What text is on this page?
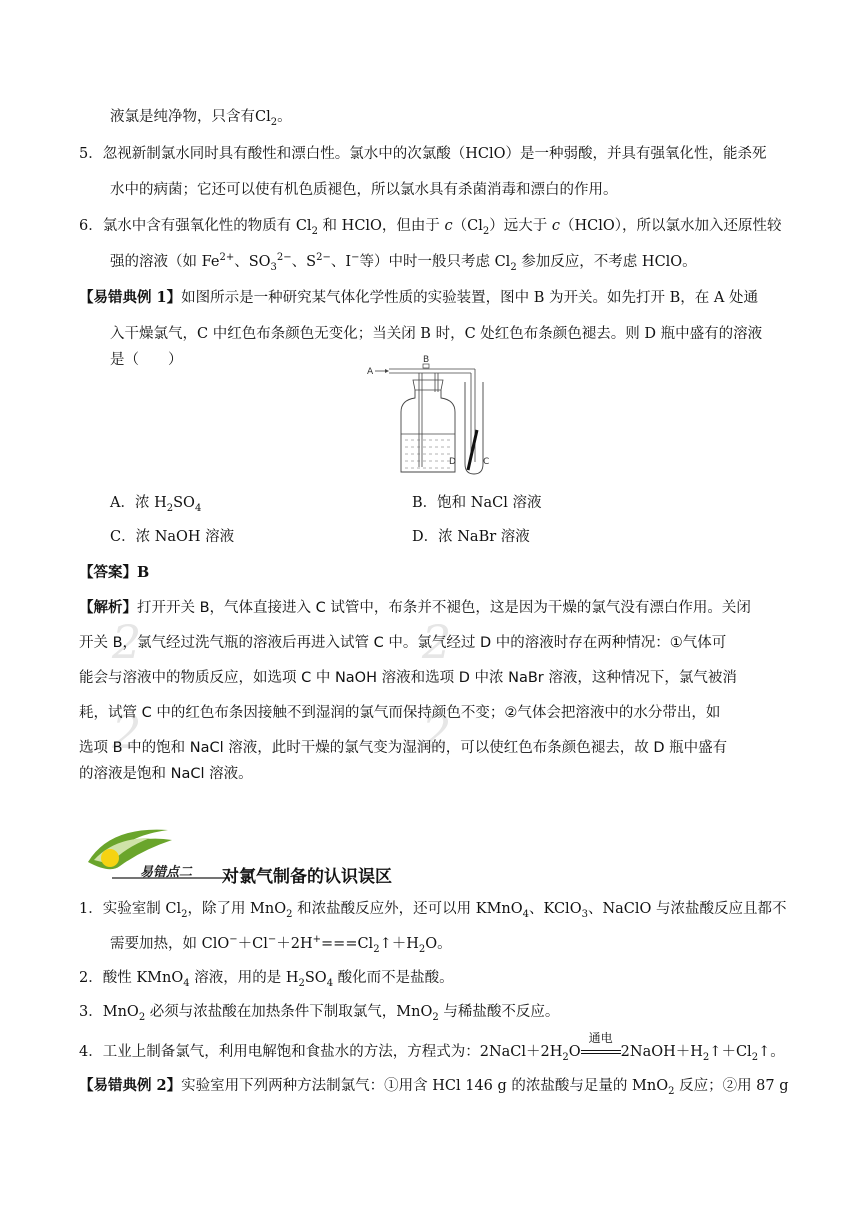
液氯是纯净物，只含有$Cl_2$。
5．忽视新制氯水同时具有酸性和漂白性。氯水中的次氯酸（HClO）是一种弱酸，并具有强氧化性，能杀死
水中的病菌；它还可以使有机色质褪色，所以氯水具有杀菌消毒和漂白的作用。
6．氯水中含有强氧化性的物质有 $Cl_2$ 和 HClO，但由于 $c(Cl_2)$远大于 c（HClO），所以氯水加入还原性较
强的溶液（如 $Fe^{2+}$、$SO_3^{2-}$、$S^{2-}$、I−等）中时一般只考虑 $Cl_2$ 参加反应，不考虑 HClO。
【易错典例 1】如图所示是一种研究某气体化学性质的实验装置，图中 B 为开关。如先打开 B，在 A 处通
入干燥氯气，C 中红色布条颜色无变化；当关闭 B 时，C 处红色布条颜色褪去。则 D 瓶中盛有的溶液
是（　　）
A
B
D	C
A．浓 $H_2SO_4$	B．饱和 NaCl 溶液
C．浓 NaOH 溶液	D．浓 NaBr 溶液
【答案】B
2	2
2	2
【解析】打开开关 B，气体直接进入 C 试管中，布条并不褪色，这是因为干燥的氯气没有漂白作用。关闭
开关 B，氯气经过洗气瓶的溶液后再进入试管 C 中。氯气经过 D 中的溶液时存在两种情况：①气体可
能会与溶液中的物质反应，如选项 C 中 NaOH 溶液和选项 D 中浓 NaBr 溶液，这种情况下，氯气被消
耗，试管 C 中的红色布条因接触不到湿润的氯气而保持颜色不变；②气体会把溶液中的水分带出，如
选项 B 中的饱和 NaCl 溶液，此时干燥的氯气变为湿润的，可以使红色布条颜色褪去，故 D 瓶中盛有
的溶液是饱和 NaCl 溶液。
易错点二 对氯气制备的认识误区
1．实验室制 $Cl_2$，除了用 MnO$_2$ 和浓盐酸反应外，还可以用 KMnO$_4$、KClO$_3$、NaClO 与浓盐酸反应且都不
需要加热，如 $ClO^-+Cl^-+2H^+===Cl_2↑+H_2O$。
2．酸性 KMnO$_4$ 溶液，用的是 $H_2SO_4$ 酸化而不是盐酸。
3．MnO$_2$ 必须与浓盐酸在加热条件下制取氯气，MnO$_2$ 与稀盐酸不反应。
4．工业上制备氯气，利用电解饱和食盐水的方法，方程式为：$2NaCl+2H_2O$
通电
$2NaOH+H_2↑+Cl_2↑$。
【易错典例 2】实验室用下列两种方法制氯气：①用含 HCl 146 g 的浓盐酸与足量的 MnO$_2$ 反应；②用 87 g
